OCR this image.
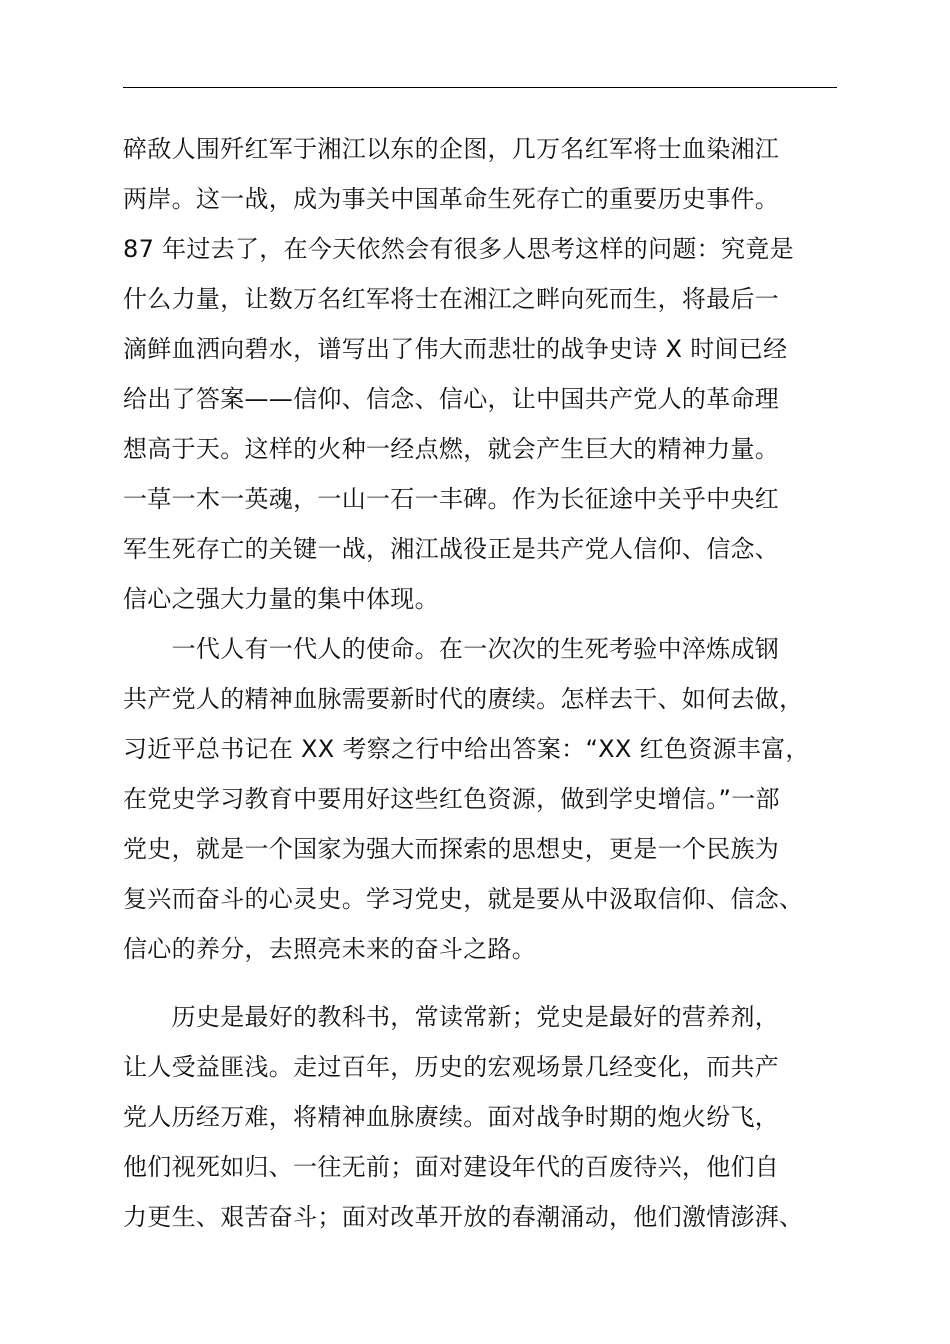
碎敌人围歼红军于湘江以东的企图，几万名红军将士血染湘江
两岸。这一战，成为事关中国革命生死存亡的重要历史事件。
87 年过去了，在今天依然会有很多人思考这样的问题：究竟是
什么力量，让数万名红军将士在湘江之畔向死而生，将最后一
滴鲜血洒向碧水，谱写出了伟大而悲壮的战争史诗 X 时间已经
给出了答案——信仰、信念、信心，让中国共产党人的革命理
想高于天。这样的火种一经点燃，就会产生巨大的精神力量。
一草一木一英魂，一山一石一丰碑。作为长征途中关乎中央红
军生死存亡的关键一战，湘江战役正是共产党人信仰、信念、
信心之强大力量的集中体现。
　　一代人有一代人的使命。在一次次的生死考验中淬炼成钢
共产党人的精神血脉需要新时代的赓续。怎样去干、如何去做，
习近平总书记在 XX 考察之行中给出答案：“XX 红色资源丰富，
在党史学习教育中要用好这些红色资源，做到学史增信。”一部
党史，就是一个国家为强大而探索的思想史，更是一个民族为
复兴而奋斗的心灵史。学习党史，就是要从中汲取信仰、信念、
信心的养分，去照亮未来的奋斗之路。
　　历史是最好的教科书，常读常新；党史是最好的营养剂，
让人受益匪浅。走过百年，历史的宏观场景几经变化，而共产
党人历经万难，将精神血脉赓续。面对战争时期的炮火纷飞，
他们视死如归、一往无前；面对建设年代的百废待兴，他们自
力更生、艰苦奋斗；面对改革开放的春潮涌动，他们激情澎湃、
